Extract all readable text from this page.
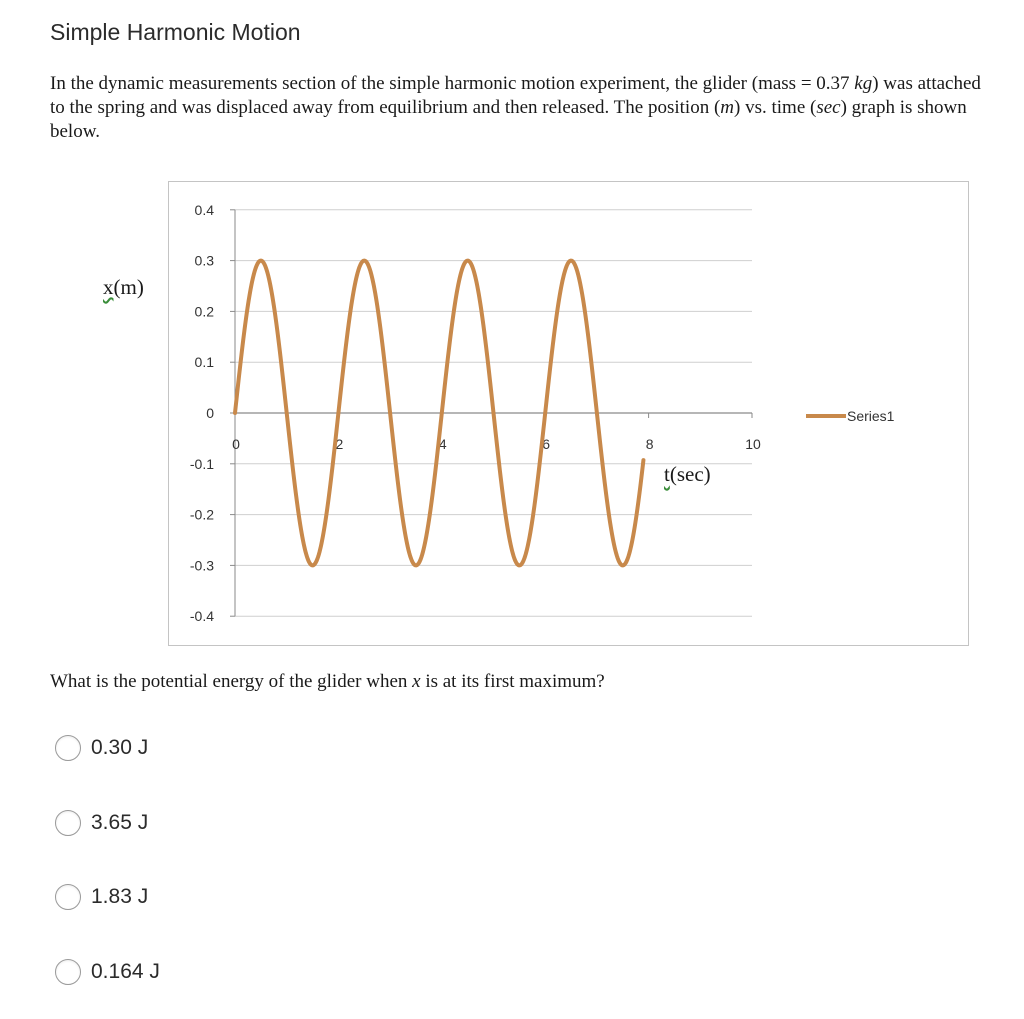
Simple Harmonic Motion
In the dynamic measurements section of the simple harmonic motion experiment, the glider (mass = 0.37 kg) was attached to the spring and was displaced away from equilibrium and then released. The position (m) vs. time (sec) graph is shown below.
0.4
0.3
0.2
0.1
0
-0.1
-0.2
-0.3
-0.4
0	2	4	6	8	10
Series1
x(m)
t(sec)
What is the potential energy of the glider when x is at its first maximum?
0.30 J
3.65 J
1.83 J
0.164 J
